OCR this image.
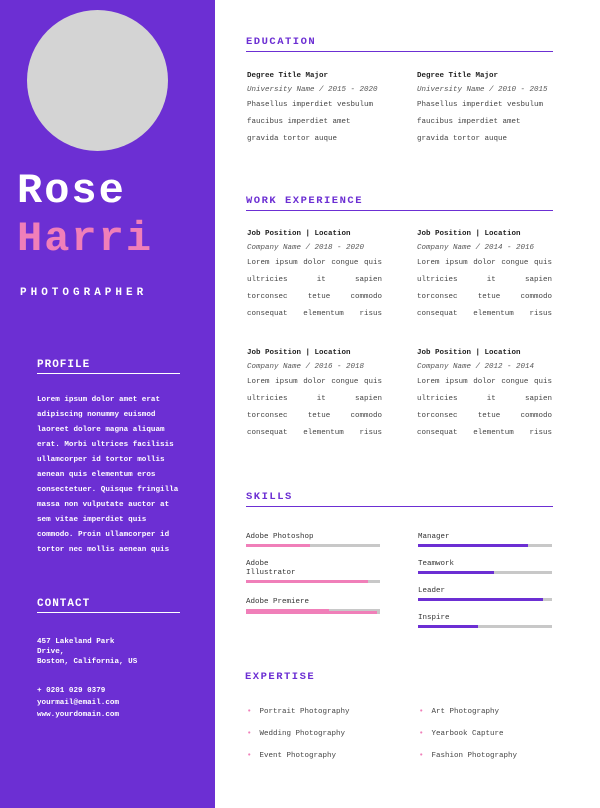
Rose
Harri
PHOTOGRAPHER
PROFILE
Lorem ipsum dolor amet erat adipiscing nonummy euismod laoreet dolore magna aliquam erat. Morbi ultrices facilisis ullamcorper id tortor mollis aenean quis elementum eros consectetuer. Quisque fringilla massa non vulputate auctor at sem vitae imperdiet quis commodo. Proin ullamcorper id tortor nec mollis aenean quis
CONTACT
457 Lakeland Park
Drive,
Boston, California, US
+ 0201 029 0379
yourmail@email.com
www.yourdomain.com
EDUCATION
Degree Title Major
University Name / 2015 - 2020
Phasellus imperdiet vesbulum
faucibus imperdiet amet
gravida tortor auque
Degree Title Major
University Name / 2010 - 2015
Phasellus imperdiet vesbulum
faucibus imperdiet amet
gravida tortor auque
WORK EXPERIENCE
Job Position | Location
Company Name / 2018 - 2020
Lorem ipsum dolor congue quis
ultricies it sapien
torconsec tetue commodo
consequat elementum risus
Job Position | Location
Company Name / 2014 - 2016
Lorem ipsum dolor congue quis
ultricies it sapien
torconsec tetue commodo
consequat elementum risus
Job Position | Location
Company Name / 2016 - 2018
Lorem ipsum dolor congue quis
ultricies it sapien
torconsec tetue commodo
consequat elementum risus
Job Position | Location
Company Name / 2012 - 2014
Lorem ipsum dolor congue quis
ultricies it sapien
torconsec tetue commodo
consequat elementum risus
SKILLS
Adobe Photoshop
Adobe Illustrator
Adobe Premiere
Manager
Teamwork
Leader
Inspire
EXPERTISE
• Portrait Photography	• Art Photography
• Wedding Photography	• Yearbook Capture
• Event Photography	• Fashion Photography
